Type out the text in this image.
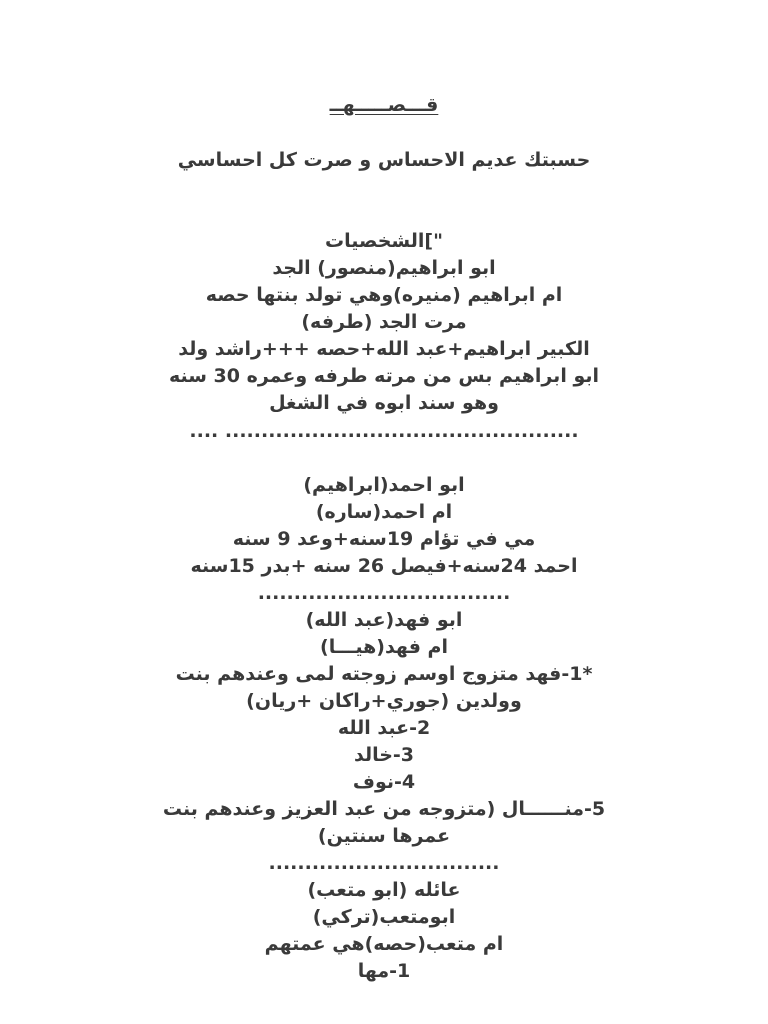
قـــصـــــهــ
حسبتك عديم الاحساس و صرت كل احساسي
"]الشخصيات
ابو ابراهيم(منصور) الجد
ام ابراهيم (منيره)وهي تولد بنتها حصه
مرت الجد (طرفه)
الكبير ابراهيم+عبد الله+حصه +++راشد ولد
ابو ابراهيم بس من مرته طرفه وعمره 30 سنه
وهو سند ابوه في الشغل
.... .................................................
ابو احمد(ابراهيم)
ام احمد(ساره)
مي في تؤام 19سنه+وعد 9 سنه
احمد 24سنه+فيصل 26 سنه +بدر 15سنه
...................................
ابو فهد(عبد الله)
ام فهد(هيـــا)
*1-فهد متزوج اوسم زوجته لمى وعندهم بنت
وولدين (جوري+راكان +ريان)
2-عبد الله
3-خالد
4-نوف
5-منــــــال (متزوجه من عبد العزيز وعندهم بنت
عمرها سنتين)
................................
عائله (ابو متعب)
ابومتعب(تركي)
ام متعب(حصه)هي عمتهم
1-مها
